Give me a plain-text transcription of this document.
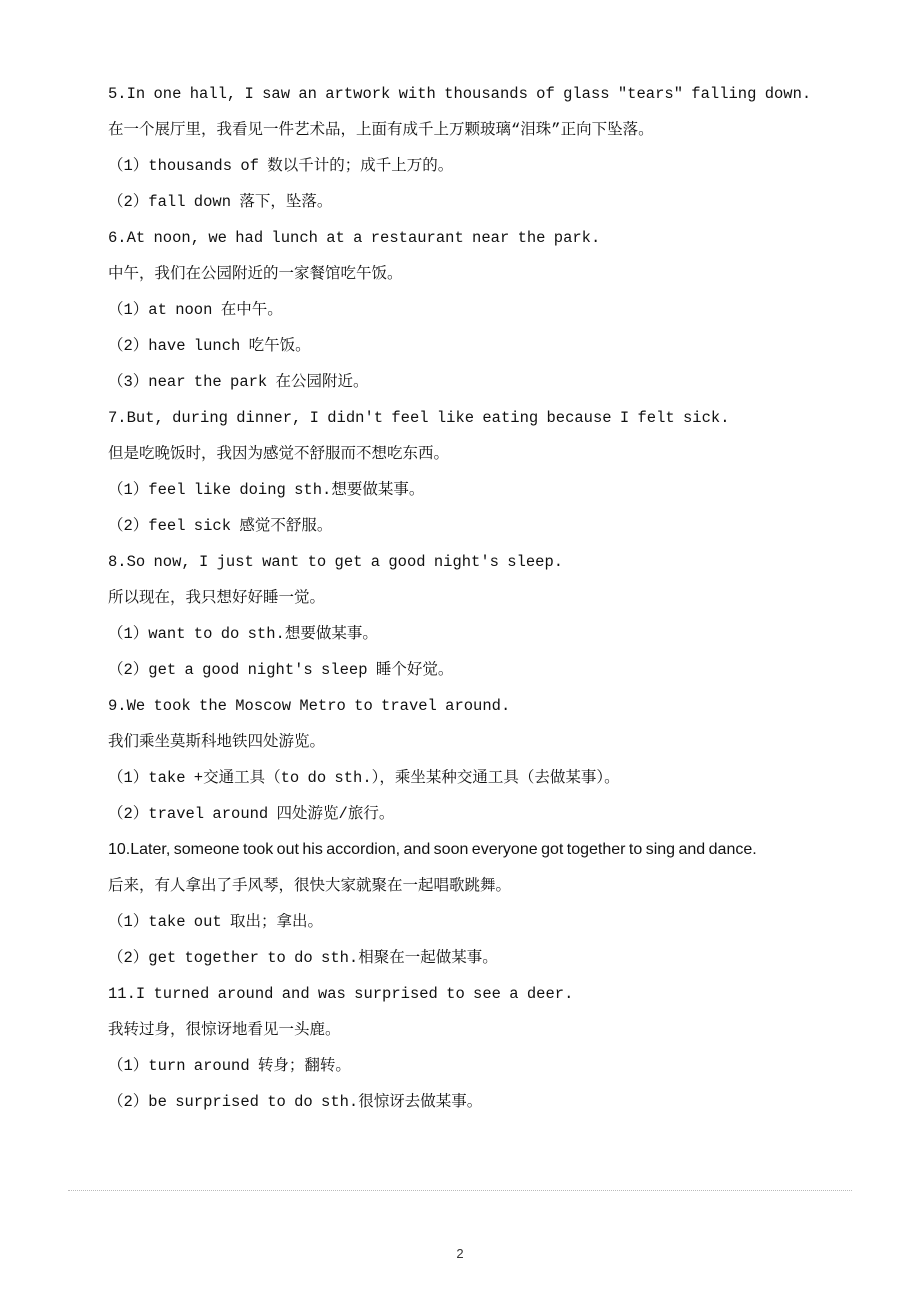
5.In one hall, I saw an artwork with thousands of glass "tears" falling down.
在一个展厅里，我看见一件艺术品，上面有成千上万颗玻璃“泪珠”正向下坠落。
（1）thousands of 数以千计的；成千上万的。
（2）fall down 落下，坠落。
6.At noon, we had lunch at a restaurant near the park.
中午，我们在公园附近的一家餐馆吃午饭。
（1）at noon 在中午。
（2）have lunch 吃午饭。
（3）near the park 在公园附近。
7.But, during dinner, I didn't feel like eating because I felt sick.
但是吃晚饭时，我因为感觉不舒服而不想吃东西。
（1）feel like doing sth.想要做某事。
（2）feel sick 感觉不舒服。
8.So now, I just want to get a good night's sleep.
所以现在，我只想好好睡一觉。
（1）want to do sth.想要做某事。
（2）get a good night's sleep 睡个好觉。
9.We took the Moscow Metro to travel around.
我们乘坐莫斯科地铁四处游览。
（1）take +交通工具（to do sth.），乘坐某种交通工具（去做某事）。
（2）travel around 四处游览/旅行。
10.Later, someone took out his accordion, and soon everyone got together to sing and dance.
后来，有人拿出了手风琴，很快大家就聚在一起唱歌跳舞。
（1）take out 取出；拿出。
（2）get together to do sth.相聚在一起做某事。
11.I turned around and was surprised to see a deer.
我转过身，很惊讶地看见一头鹿。
（1）turn around 转身；翻转。
（2）be surprised to do sth.很惊讶去做某事。
2
